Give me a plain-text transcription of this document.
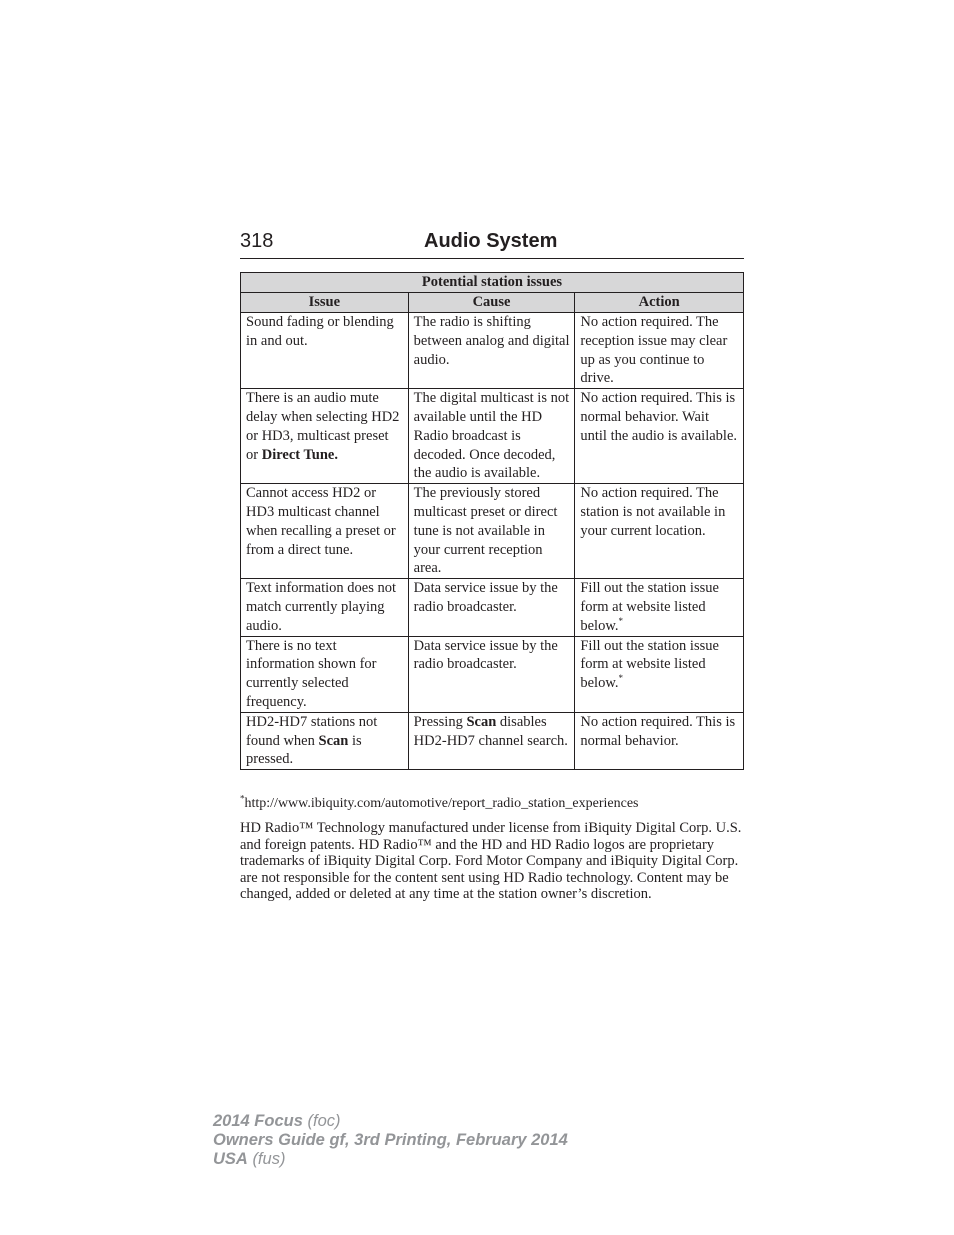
318	Audio System
Potential station issues		
Issue	Cause	Action
Sound fading or blending in and out.	The radio is shifting between analog and digital audio.	No action required. The reception issue may clear up as you continue to drive.
There is an audio mute delay when selecting HD2 or HD3, multicast preset or Direct Tune.	The digital multicast is not available until the HD Radio broadcast is decoded. Once decoded, the audio is available.	No action required. This is normal behavior. Wait until the audio is available.
Cannot access HD2 or HD3 multicast channel when recalling a preset or from a direct tune.	The previously stored multicast preset or direct tune is not available in your current reception area.	No action required. The station is not available in your current location.
Text information does not match currently playing audio.	Data service issue by the radio broadcaster.	Fill out the station issue form at website listed below.*
There is no text information shown for currently selected frequency.	Data service issue by the radio broadcaster.	Fill out the station issue form at website listed below.*
HD2-HD7 stations not found when Scan is pressed.	Pressing Scan disables HD2-HD7 channel search.	No action required. This is normal behavior.
*http://www.ibiquity.com/automotive/report_radio_station_experiences
HD Radio™ Technology manufactured under license from iBiquity Digital Corp. U.S. and foreign patents. HD Radio™ and the HD and HD Radio logos are proprietary trademarks of iBiquity Digital Corp. Ford Motor Company and iBiquity Digital Corp. are not responsible for the content sent using HD Radio technology. Content may be changed, added or deleted at any time at the station owner’s discretion.
2014 Focus (foc)
Owners Guide gf, 3rd Printing, February 2014
USA (fus)
